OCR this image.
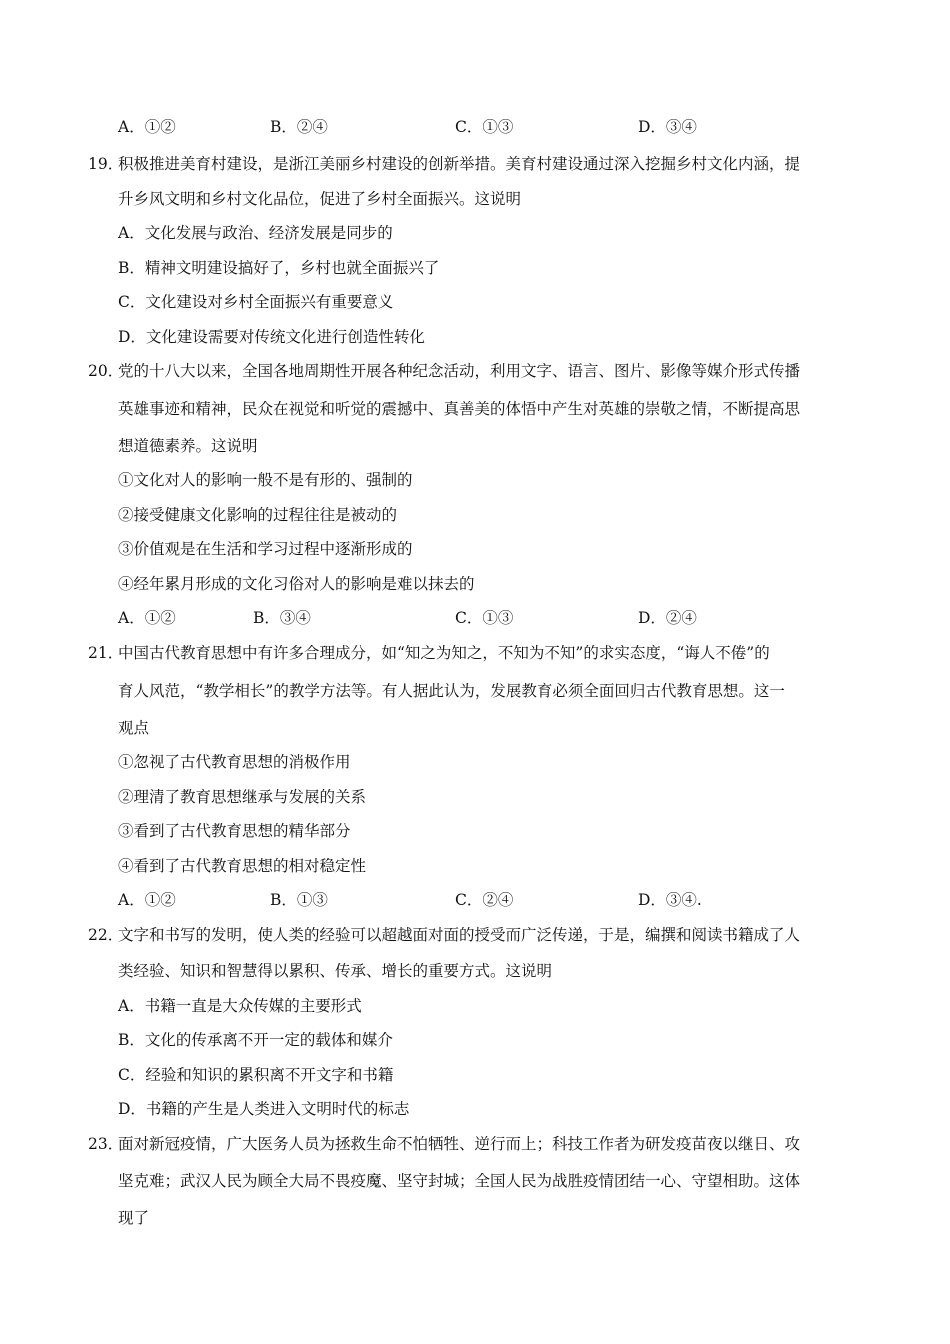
A．①②	B．②④	C．①③	D．③④
19．
积极推进美育村建设，是浙江美丽乡村建设的创新举措。美育村建设通过深入挖掘乡村文化内涵，提
升乡风文明和乡村文化品位，促进了乡村全面振兴。这说明
A．文化发展与政治、经济发展是同步的
B．精神文明建设搞好了，乡村也就全面振兴了
C．文化建设对乡村全面振兴有重要意义
D．文化建设需要对传统文化进行创造性转化
20．
党的十八大以来，全国各地周期性开展各种纪念活动，利用文字、语言、图片、影像等媒介形式传播
英雄事迹和精神，民众在视觉和听觉的震撼中、真善美的体悟中产生对英雄的崇敬之情，不断提高思
想道德素养。这说明
①文化对人的影响一般不是有形的、强制的
②接受健康文化影响的过程往往是被动的
③价值观是在生活和学习过程中逐渐形成的
④经年累月形成的文化习俗对人的影响是难以抹去的
A．①②	B．③④	C．①③	D．②④
21．
中国古代教育思想中有许多合理成分，如“知之为知之，不知为不知”的求实态度，“诲人不倦”的
育人风范，“教学相长”的教学方法等。有人据此认为，发展教育必须全面回归古代教育思想。这一
观点
①忽视了古代教育思想的消极作用
②理清了教育思想继承与发展的关系
③看到了古代教育思想的精华部分
④看到了古代教育思想的相对稳定性
A．①②	B．①③	C．②④	D．③④.
22．
文字和书写的发明，使人类的经验可以超越面对面的授受而广泛传递，于是，编撰和阅读书籍成了人
类经验、知识和智慧得以累积、传承、增长的重要方式。这说明
A．书籍一直是大众传媒的主要形式
B．文化的传承离不开一定的载体和媒介
C．经验和知识的累积离不开文字和书籍
D．书籍的产生是人类进入文明时代的标志
23．
面对新冠疫情，广大医务人员为拯救生命不怕牺牲、逆行而上；科技工作者为研发疫苗夜以继日、攻
坚克难；武汉人民为顾全大局不畏疫魔、坚守封城；全国人民为战胜疫情团结一心、守望相助。这体
现了
